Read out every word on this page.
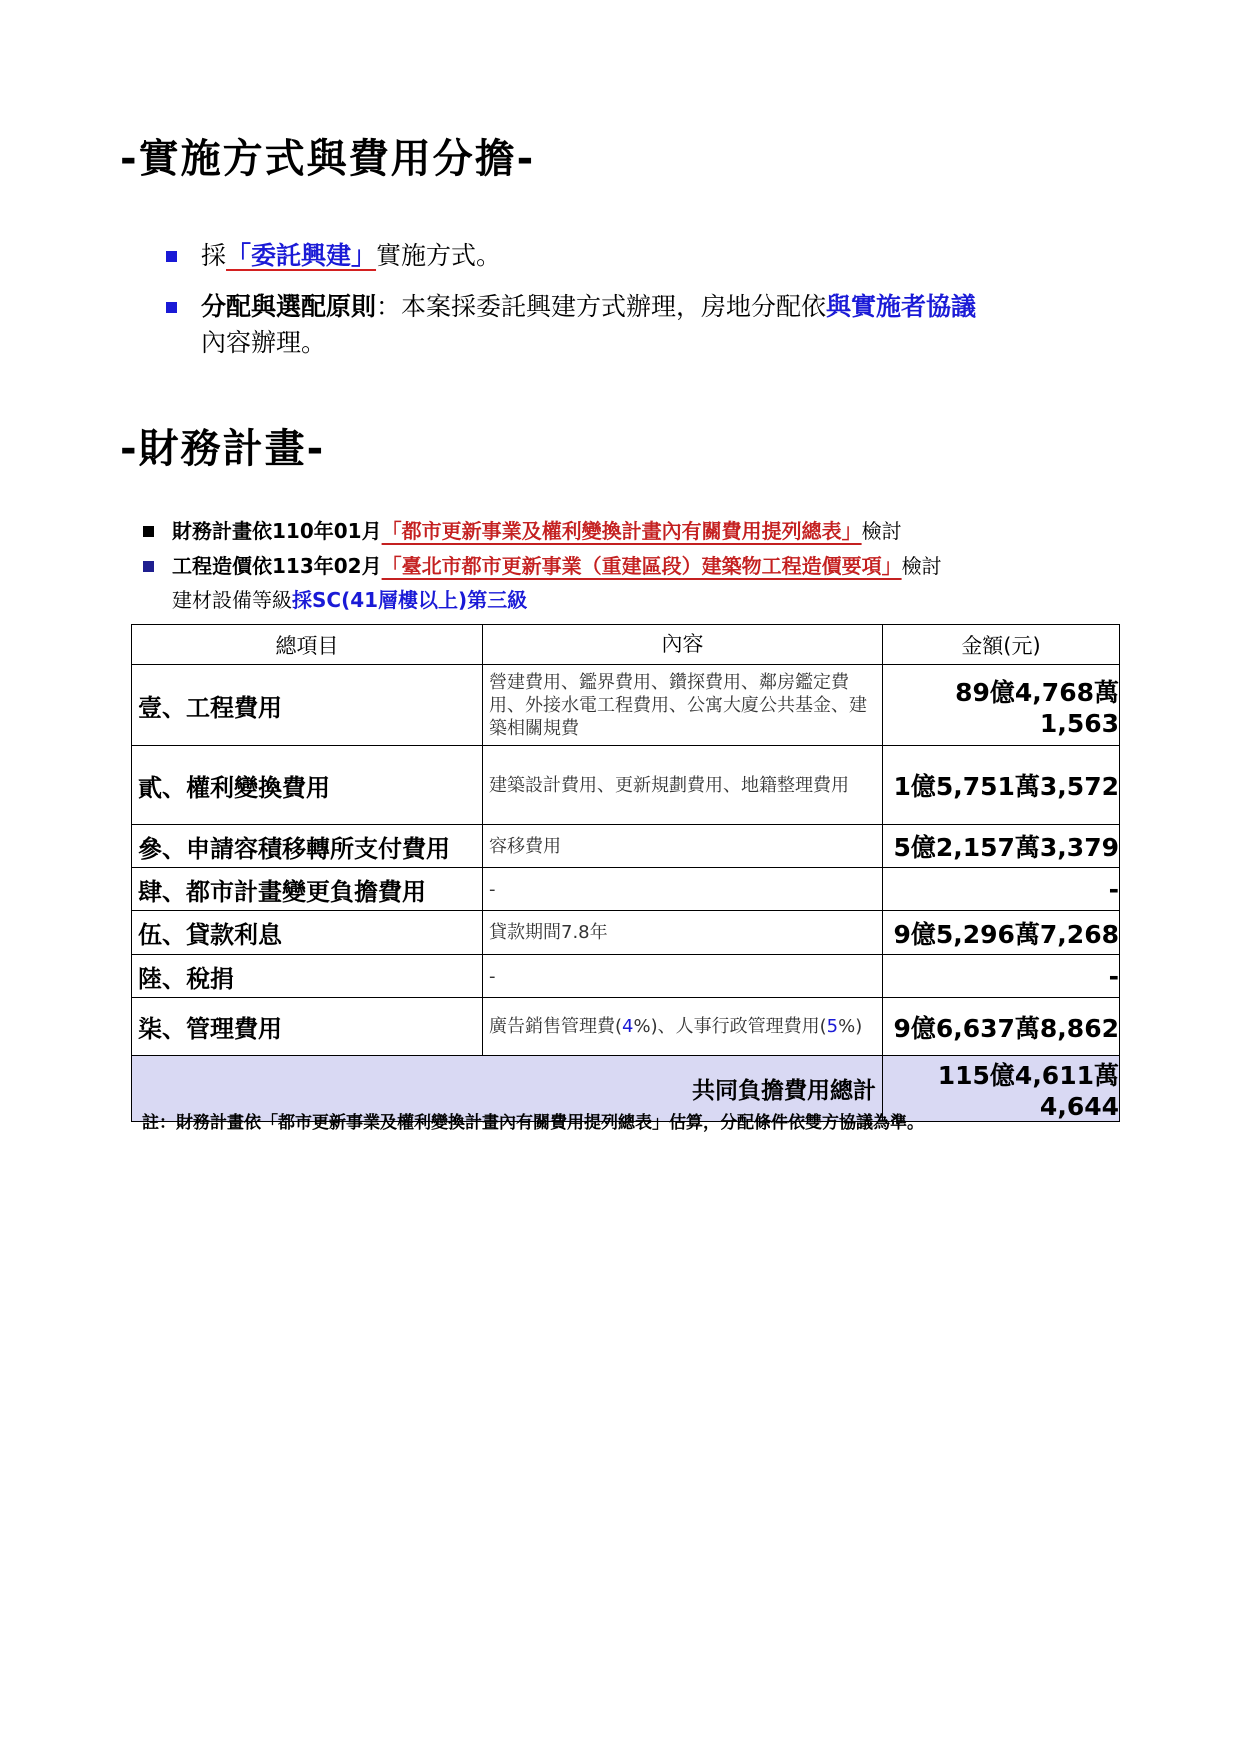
-實施方式與費用分擔-
採「委託興建」實施方式。
分配與選配原則：本案採委託興建方式辦理，房地分配依與實施者協議
內容辦理。
-財務計畫-
財務計畫依110年01月「都市更新事業及權利變換計畫內有關費用提列總表」檢討
工程造價依113年02月「臺北市都市更新事業（重建區段）建築物工程造價要項」檢討
建材設備等級採SC(41層樓以上)第三級
總項目	內容	金額(元)
壹、工程費用	營建費用、鑑界費用、鑽探費用、鄰房鑑定費用、外接水電工程費用、公寓大廈公共基金、建築相關規費	89億4,768萬1,563
貳、權利變換費用	建築設計費用、更新規劃費用、地籍整理費用	1億5,751萬3,572
參、申請容積移轉所支付費用	容移費用	5億2,157萬3,379
肆、都市計畫變更負擔費用	-	-
伍、貸款利息	貸款期間7.8年	9億5,296萬7,268
陸、稅捐	-	-
柒、管理費用	廣告銷售管理費(4%)、人事行政管理費用(5%)	9億6,637萬8,862
共同負擔費用總計		115億4,611萬4,644
註：財務計畫依「都市更新事業及權利變換計畫內有關費用提列總表」估算，分配條件依雙方協議為準。
